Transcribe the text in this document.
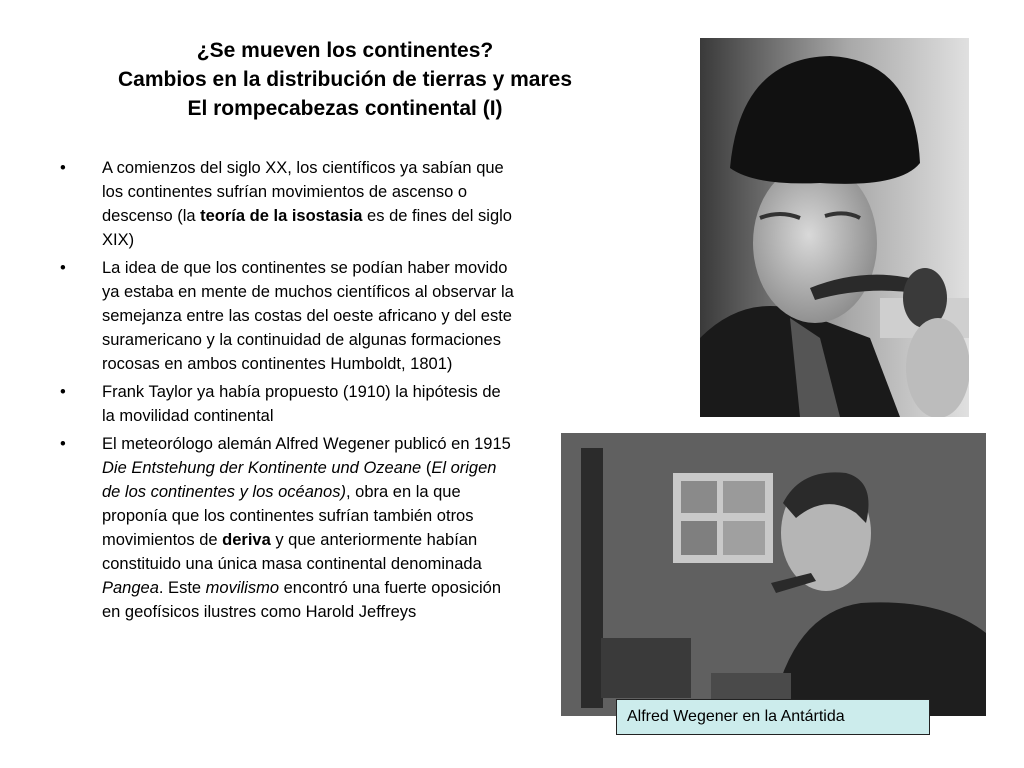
¿Se mueven los continentes?
Cambios en la distribución de tierras y mares
El rompecabezas continental (I)
• A comienzos del siglo XX, los científicos ya sabían que los continentes sufrían movimientos de ascenso o descenso (la teoría de la isostasia es de fines del siglo XIX)
• La idea de que los continentes se podían haber movido ya estaba en mente de muchos científicos al observar la semejanza entre las costas del oeste africano y del este suramericano y la continuidad de algunas formaciones rocosas en ambos continentes Humboldt, 1801)
• Frank Taylor ya había propuesto (1910) la hipótesis de la movilidad continental
• El meteorólogo alemán Alfred Wegener publicó en 1915 Die Entstehung der Kontinente und Ozeane (El origen de los continentes y los océanos), obra en la que proponía que los continentes sufrían también otros movimientos de deriva y que anteriormente habían constituido una única masa continental denominada Pangea. Este movilismo encontró una fuerte oposición en geofísicos ilustres como Harold Jeffreys
Alfred Wegener en la Antártida
